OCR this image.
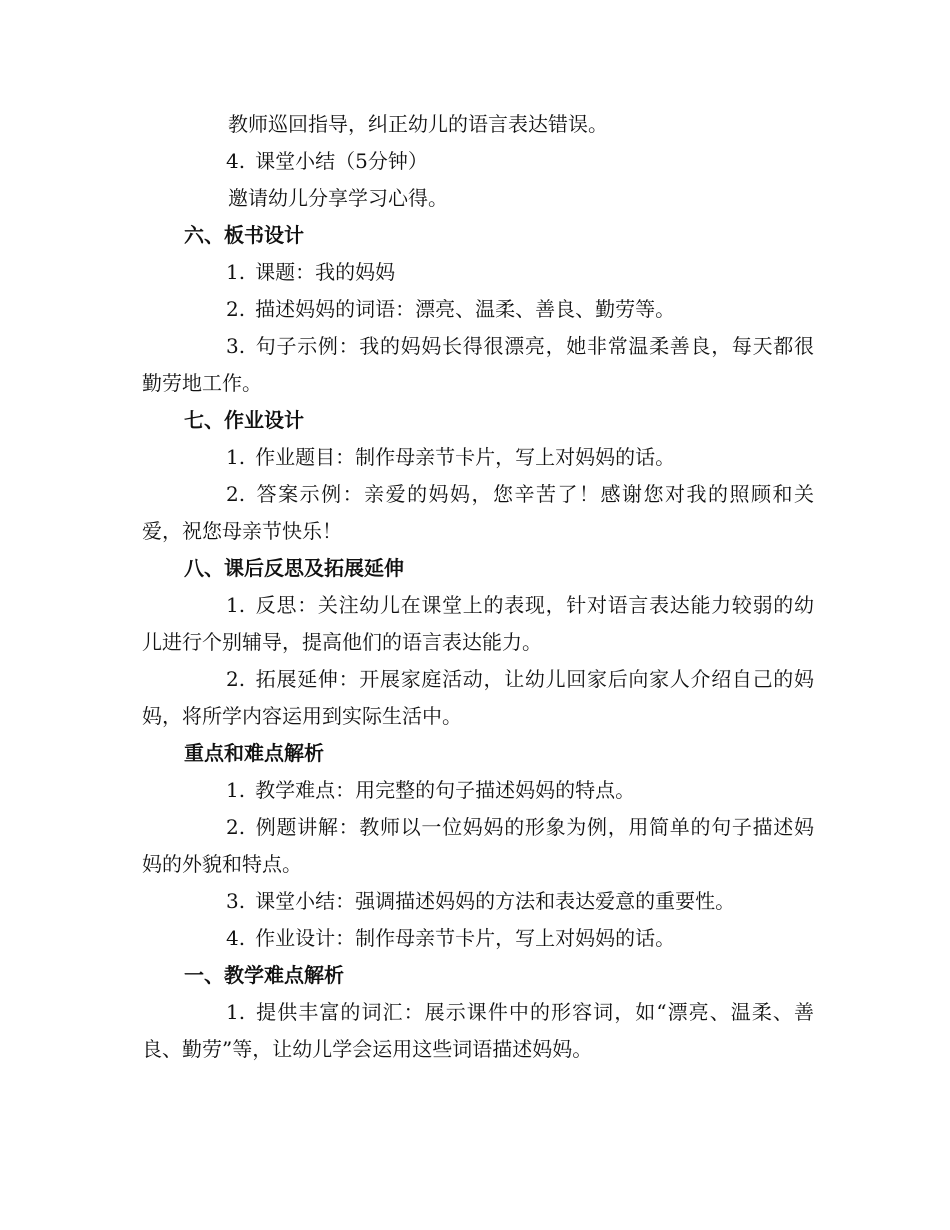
教师巡回指导，纠正幼儿的语言表达错误。

4. 课堂小结（5分钟）

邀请幼儿分享学习心得。

六、板书设计

1. 课题：我的妈妈

2. 描述妈妈的词语：漂亮、温柔、善良、勤劳等。

3. 句子示例：我的妈妈长得很漂亮，她非常温柔善良，每天都很勤劳地工作。

七、作业设计

1. 作业题目：制作母亲节卡片，写上对妈妈的话。

2. 答案示例：亲爱的妈妈，您辛苦了！感谢您对我的照顾和关爱，祝您母亲节快乐！

八、课后反思及拓展延伸

1. 反思：关注幼儿在课堂上的表现，针对语言表达能力较弱的幼儿进行个别辅导，提高他们的语言表达能力。

2. 拓展延伸：开展家庭活动，让幼儿回家后向家人介绍自己的妈妈，将所学内容运用到实际生活中。

重点和难点解析

1. 教学难点：用完整的句子描述妈妈的特点。

2. 例题讲解：教师以一位妈妈的形象为例，用简单的句子描述妈妈的外貌和特点。

3. 课堂小结：强调描述妈妈的方法和表达爱意的重要性。

4. 作业设计：制作母亲节卡片，写上对妈妈的话。

一、教学难点解析

1. 提供丰富的词汇：展示课件中的形容词，如“漂亮、温柔、善良、勤劳”等，让幼儿学会运用这些词语描述妈妈。
